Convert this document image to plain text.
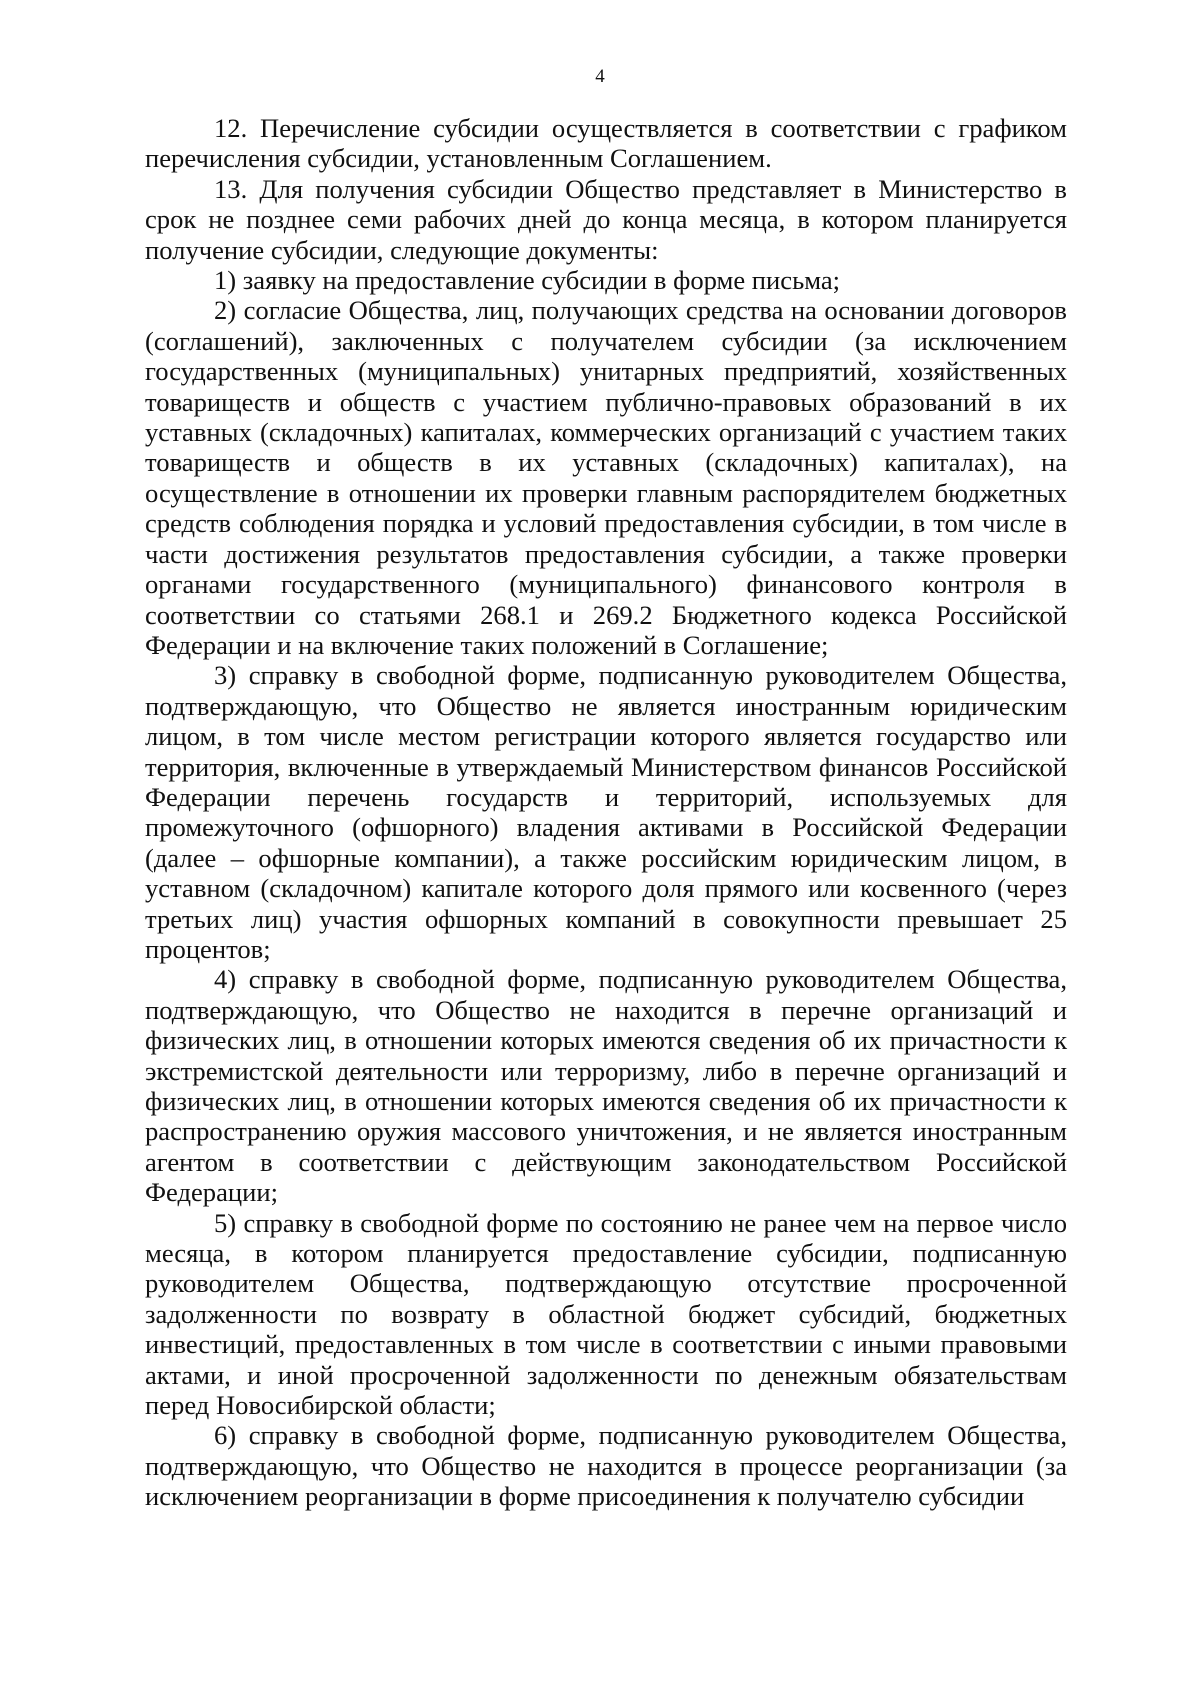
4

12. Перечисление субсидии осуществляется в соответствии с графиком перечисления субсидии, установленным Соглашением.

13. Для получения субсидии Общество представляет в Министерство в срок не позднее семи рабочих дней до конца месяца, в котором планируется получение субсидии, следующие документы:

1) заявку на предоставление субсидии в форме письма;

2) согласие Общества, лиц, получающих средства на основании договоров (соглашений), заключенных с получателем субсидии (за исключением государственных (муниципальных) унитарных предприятий, хозяйственных товариществ и обществ с участием публично-правовых образований в их уставных (складочных) капиталах, коммерческих организаций с участием таких товариществ и обществ в их уставных (складочных) капиталах), на осуществление в отношении их проверки главным распорядителем бюджетных средств соблюдения порядка и условий предоставления субсидии, в том числе в части достижения результатов предоставления субсидии, а также проверки органами государственного (муниципального) финансового контроля в соответствии со статьями 268.1 и 269.2 Бюджетного кодекса Российской Федерации и на включение таких положений в Соглашение;

3) справку в свободной форме, подписанную руководителем Общества, подтверждающую, что Общество не является иностранным юридическим лицом, в том числе местом регистрации которого является государство или территория, включенные в утверждаемый Министерством финансов Российской Федерации перечень государств и территорий, используемых для промежуточного (офшорного) владения активами в Российской Федерации (далее – офшорные компании), а также российским юридическим лицом, в уставном (складочном) капитале которого доля прямого или косвенного (через третьих лиц) участия офшорных компаний в совокупности превышает 25 процентов;

4) справку в свободной форме, подписанную руководителем Общества, подтверждающую, что Общество не находится в перечне организаций и физических лиц, в отношении которых имеются сведения об их причастности к экстремистской деятельности или терроризму, либо в перечне организаций и физических лиц, в отношении которых имеются сведения об их причастности к распространению оружия массового уничтожения, и не является иностранным агентом в соответствии с действующим законодательством Российской Федерации;

5) справку в свободной форме по состоянию не ранее чем на первое число месяца, в котором планируется предоставление субсидии, подписанную руководителем Общества, подтверждающую отсутствие просроченной задолженности по возврату в областной бюджет субсидий, бюджетных инвестиций, предоставленных в том числе в соответствии с иными правовыми актами, и иной просроченной задолженности по денежным обязательствам перед Новосибирской области;

6) справку в свободной форме, подписанную руководителем Общества, подтверждающую, что Общество не находится в процессе реорганизации (за исключением реорганизации в форме присоединения к получателю субсидии
